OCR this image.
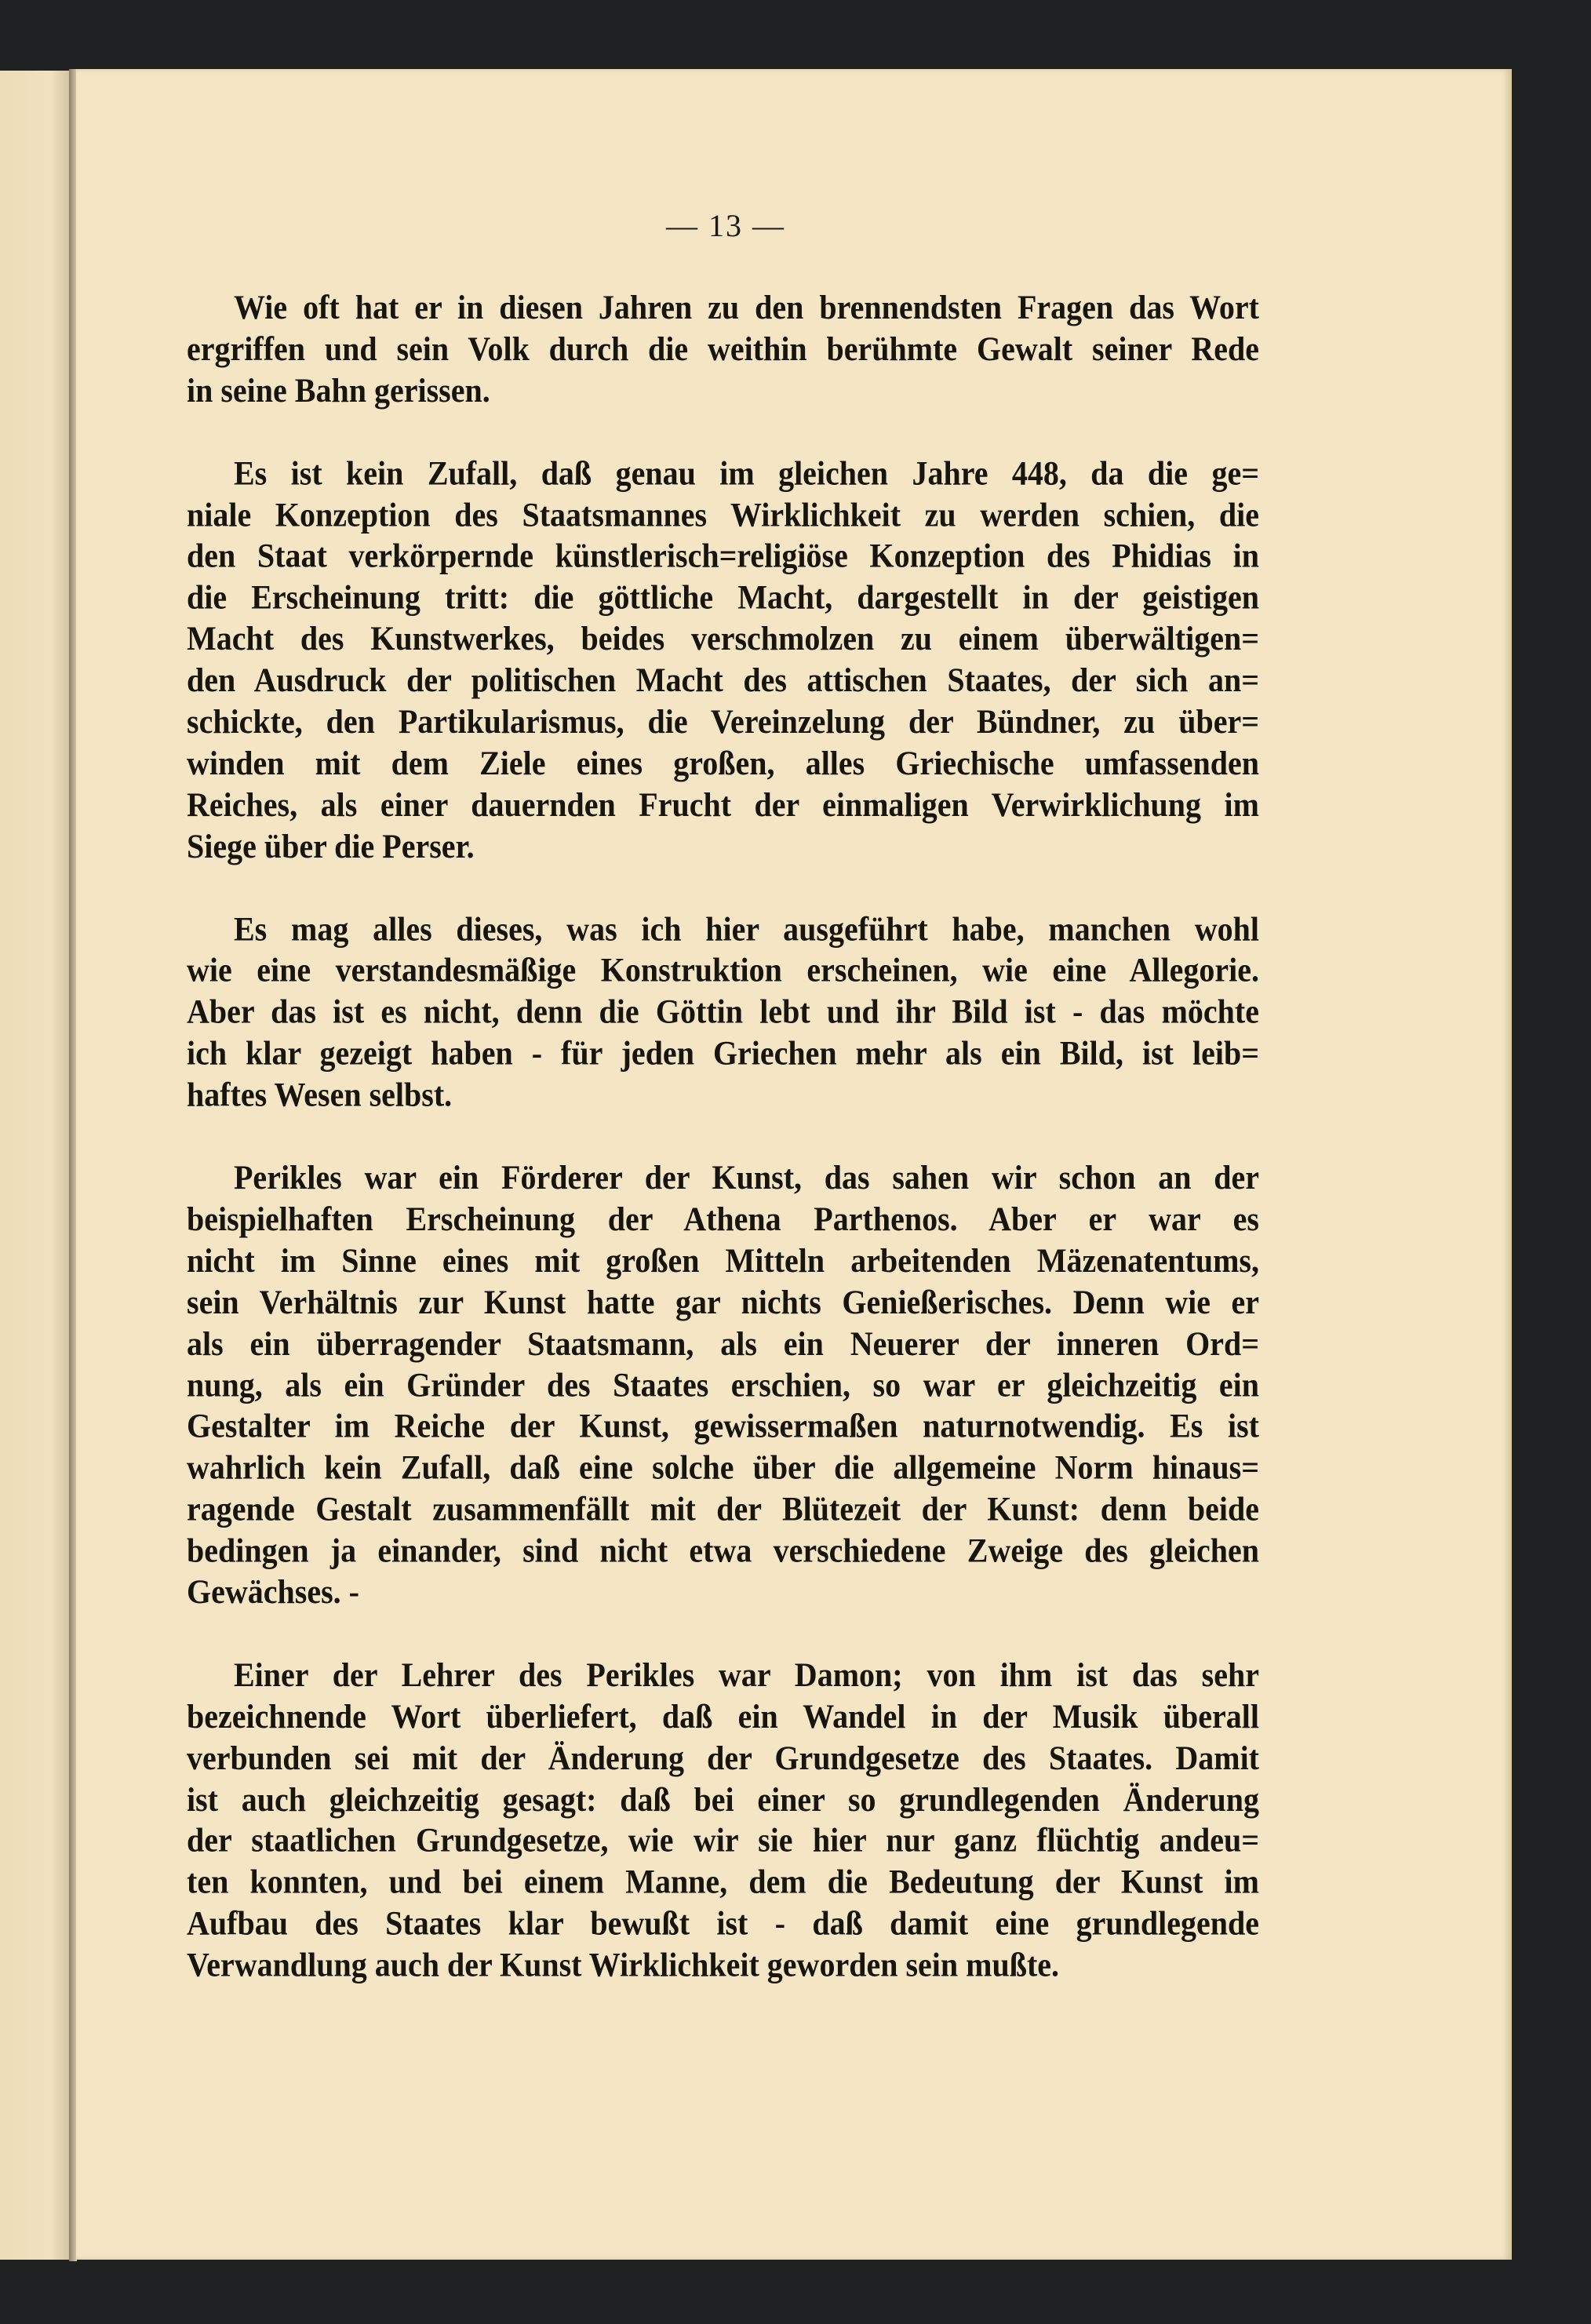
— 13 —
Wie oft hat er in diesen Jahren zu den brennendsten Fragen das Wort
ergriffen und sein Volk durch die weithin berühmte Gewalt seiner Rede
in seine Bahn gerissen.
Es ist kein Zufall, daß genau im gleichen Jahre 448, da die ge=
niale Konzeption des Staatsmannes Wirklichkeit zu werden schien, die
den Staat verkörpernde künstlerisch=religiöse Konzeption des Phidias in
die Erscheinung tritt: die göttliche Macht, dargestellt in der geistigen
Macht des Kunstwerkes, beides verschmolzen zu einem überwältigen=
den Ausdruck der politischen Macht des attischen Staates, der sich an=
schickte, den Partikularismus, die Vereinzelung der Bündner, zu über=
winden mit dem Ziele eines großen, alles Griechische umfassenden
Reiches, als einer dauernden Frucht der einmaligen Verwirklichung im
Siege über die Perser.
Es mag alles dieses, was ich hier ausgeführt habe, manchen wohl
wie eine verstandesmäßige Konstruktion erscheinen, wie eine Allegorie.
Aber das ist es nicht, denn die Göttin lebt und ihr Bild ist - das möchte
ich klar gezeigt haben - für jeden Griechen mehr als ein Bild, ist leib=
haftes Wesen selbst.
Perikles war ein Förderer der Kunst, das sahen wir schon an der
beispielhaften Erscheinung der Athena Parthenos. Aber er war es
nicht im Sinne eines mit großen Mitteln arbeitenden Mäzenatentums,
sein Verhältnis zur Kunst hatte gar nichts Genießerisches. Denn wie er
als ein überragender Staatsmann, als ein Neuerer der inneren Ord=
nung, als ein Gründer des Staates erschien, so war er gleichzeitig ein
Gestalter im Reiche der Kunst, gewissermaßen naturnotwendig. Es ist
wahrlich kein Zufall, daß eine solche über die allgemeine Norm hinaus=
ragende Gestalt zusammenfällt mit der Blütezeit der Kunst: denn beide
bedingen ja einander, sind nicht etwa verschiedene Zweige des gleichen
Gewächses. -
Einer der Lehrer des Perikles war Damon; von ihm ist das sehr
bezeichnende Wort überliefert, daß ein Wandel in der Musik überall
verbunden sei mit der Änderung der Grundgesetze des Staates. Damit
ist auch gleichzeitig gesagt: daß bei einer so grundlegenden Änderung
der staatlichen Grundgesetze, wie wir sie hier nur ganz flüchtig andeu=
ten konnten, und bei einem Manne, dem die Bedeutung der Kunst im
Aufbau des Staates klar bewußt ist - daß damit eine grundlegende
Verwandlung auch der Kunst Wirklichkeit geworden sein mußte.
